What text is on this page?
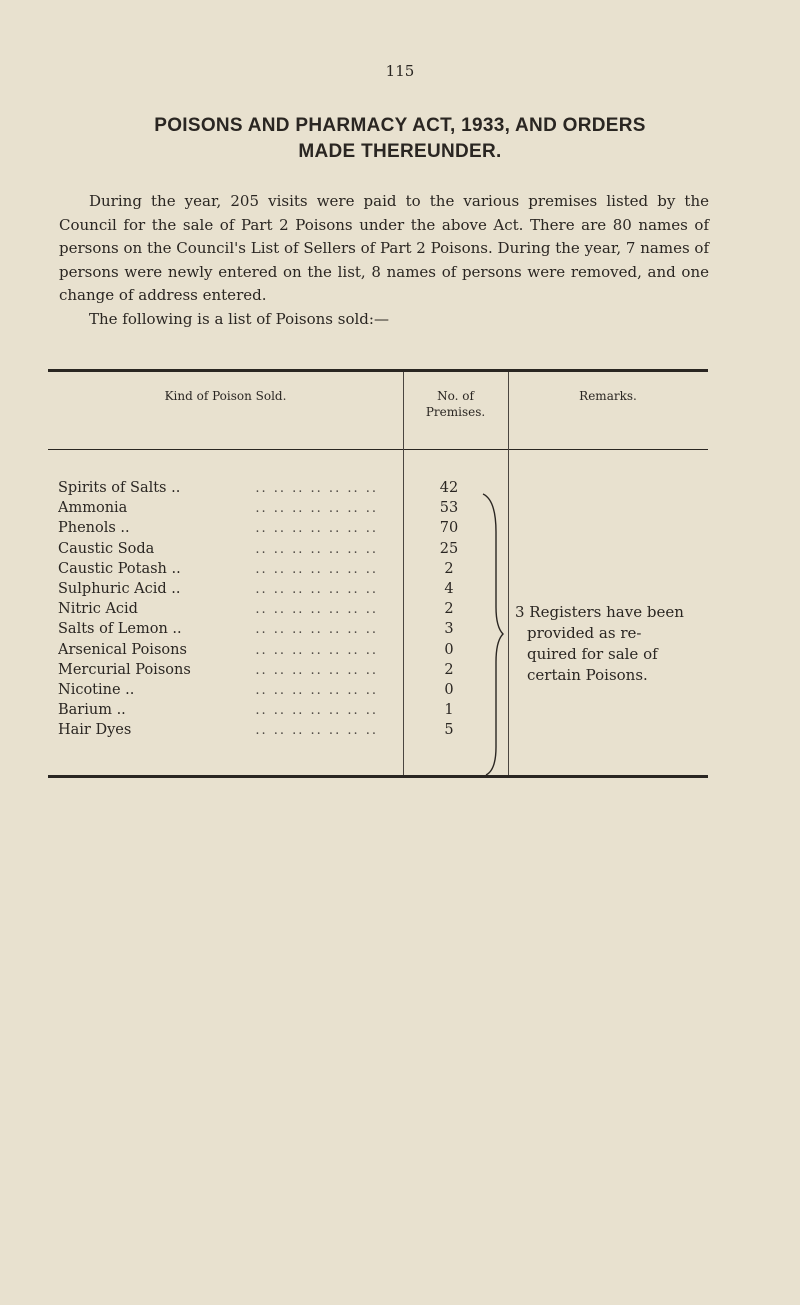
115
POISONS AND PHARMACY ACT, 1933, AND ORDERS
MADE THEREUNDER.

During the year, 205 visits were paid to the various premises listed by the Council for the sale of Part 2 Poisons under the above Act. There are 80 names of persons on the Council's List of Sellers of Part 2 Poisons. During the year, 7 names of persons were newly entered on the list, 8 names of persons were removed, and one change of address entered.

The following is a list of Poisons sold:—

Kind of Poison Sold.	No. of
Premises.
Remarks.
Spirits of Salts ..	.. .. .. .. .. .. ..	42
Ammonia	.. .. .. .. .. .. ..	53
Phenols ..	.. .. .. .. .. .. ..	70
Caustic Soda	.. .. .. .. .. .. ..	25
Caustic Potash ..	.. .. .. .. .. .. ..	2
Sulphuric Acid ..	.. .. .. .. .. .. ..	4
Nitric Acid	.. .. .. .. .. .. ..	2
Salts of Lemon ..	.. .. .. .. .. .. ..	3
Arsenical Poisons	.. .. .. .. .. .. ..	0
Mercurial Poisons	.. .. .. .. .. .. ..	2
Nicotine ..	.. .. .. .. .. .. ..	0
Barium ..	.. .. .. .. .. .. ..	1
Hair Dyes	.. .. .. .. .. .. ..	5
3 Registers have been
provided as re-
quired for sale of
certain Poisons.
